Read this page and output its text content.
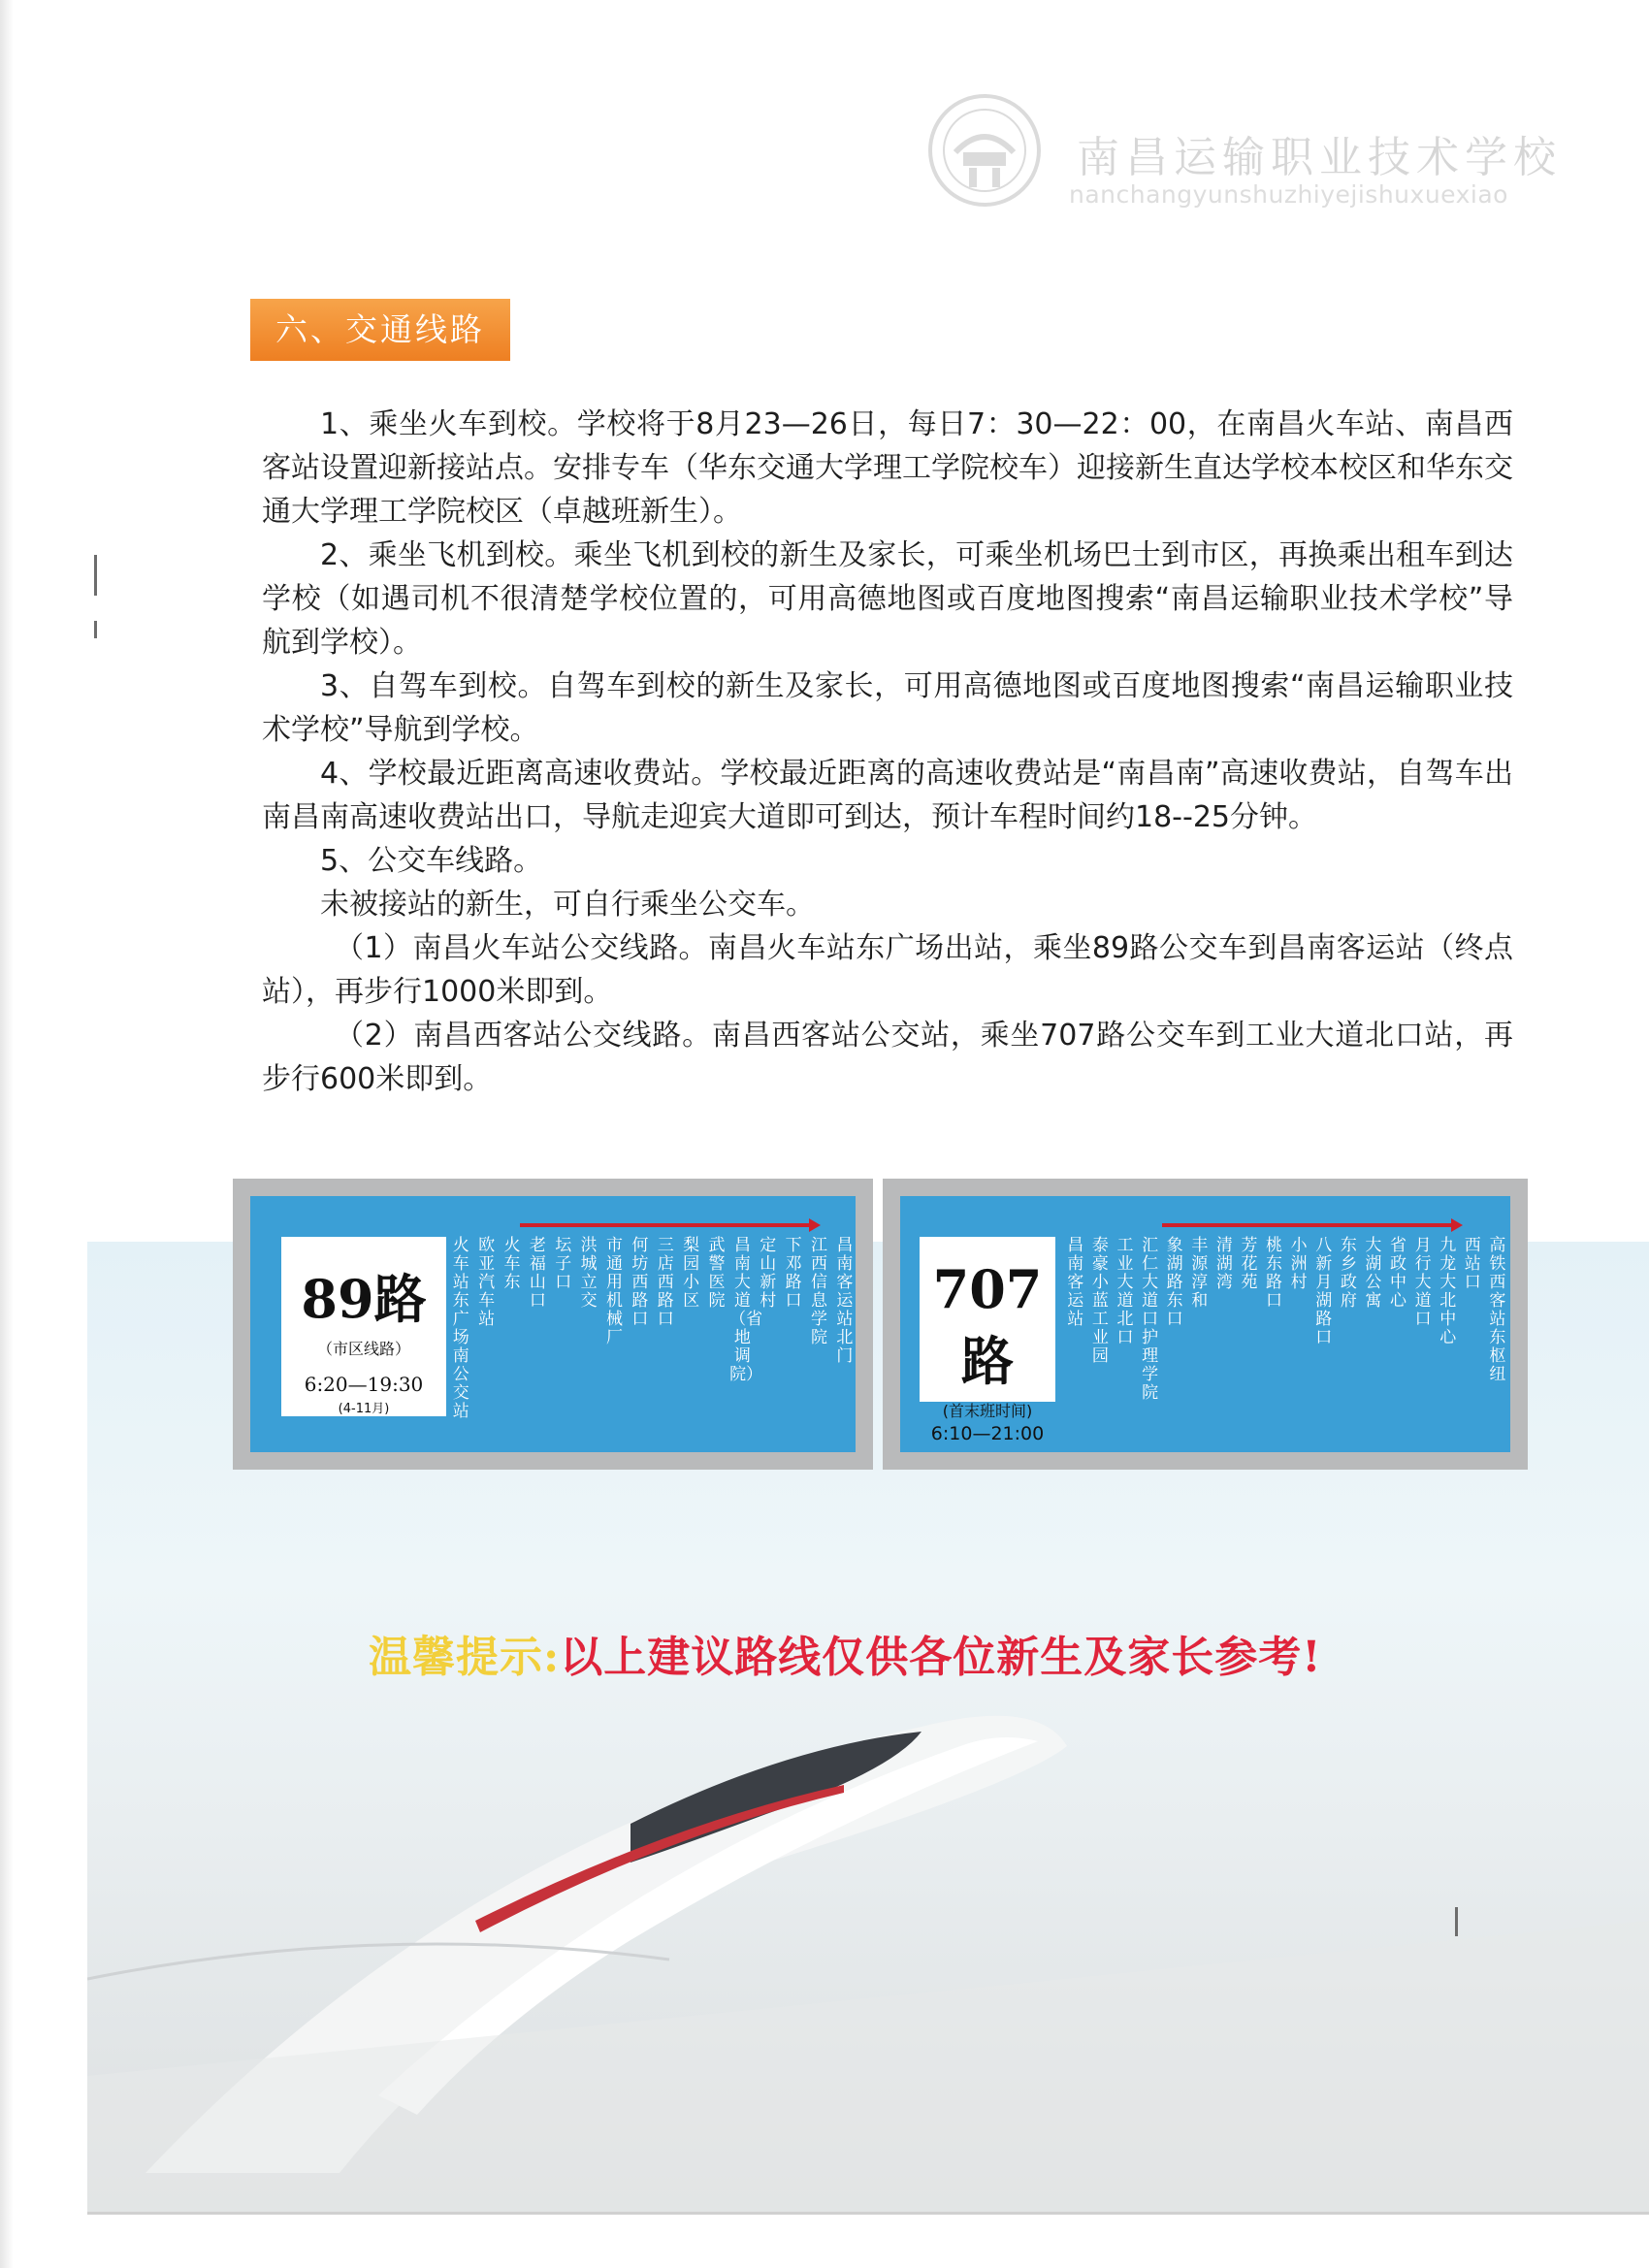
南昌运输职业技术学校
nanchangyunshuzhiyejishuxuexiao
六、交通线路

1、乘坐火车到校。学校将于8月23—26日，每日7：30—22：00，在南昌火车站、南昌西客站设置迎新接站点。安排专车（华东交通大学理工学院校车）迎接新生直达学校本校区和华东交通大学理工学院校区（卓越班新生）。

2、乘坐飞机到校。乘坐飞机到校的新生及家长，可乘坐机场巴士到市区，再换乘出租车到达学校（如遇司机不很清楚学校位置的，可用高德地图或百度地图搜索“南昌运输职业技术学校”导航到学校）。

3、自驾车到校。自驾车到校的新生及家长，可用高德地图或百度地图搜索“南昌运输职业技术学校”导航到学校。

4、学校最近距离高速收费站。学校最近距离的高速收费站是“南昌南”高速收费站，自驾车出南昌南高速收费站出口，导航走迎宾大道即可到达，预计车程时间约18--25分钟。

5、公交车线路。

未被接站的新生，可自行乘坐公交车。

（1）南昌火车站公交线路。南昌火车站东广场出站，乘坐89路公交车到昌南客运站（终点站），再步行1000米即到。

（2）南昌西客站公交线路。南昌西客站公交站，乘坐707路公交车到工业大道北口站，再步行600米即到。

89路
（市区线路）
6:20—19:30
(4-11月)
火车站东广场南公交站
欧亚汽车站
火车东
老福山口
坛子口
洪城立交
市通用机械厂
何坊西路口
三店西路口
梨园小区
武警医院
昌南大道（省地调院）
定山新村
下邓路口
江西信息学院
昌南客运站北门
707路
(首末班时间)
6:10—21:00
昌南客运站
泰豪小蓝工业园
工业大道北口
汇仁大道口护理学院
象湖路东口
丰源淳和
清湖湾
芳花苑
桃东路口
小洲村
八新月湖路口
东乡政府
大湖公寓
省政中心
月行大道口
九龙大北中心
西站口
高铁西客站东枢纽
温馨提示:以上建议路线仅供各位新生及家长参考!
